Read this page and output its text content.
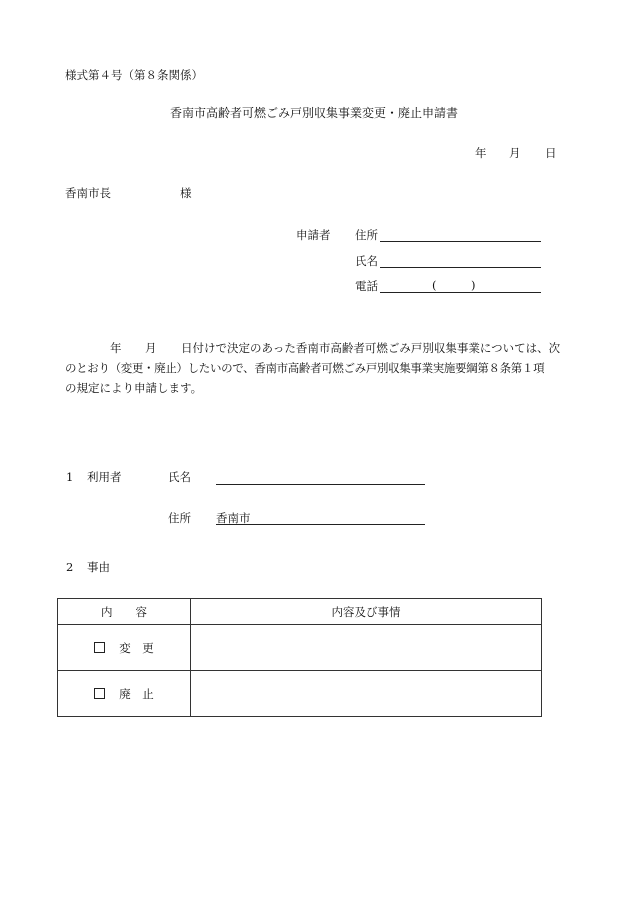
様式第４号（第８条関係）
香南市高齢者可燃ごみ戸別収集事業変更・廃止申請書
年 月 日
香南市長	様
申請者 住所
氏名
電話	(	)
年 月 日付けで決定のあった香南市高齢者可燃ごみ戸別収集事業については、次
のとおり（変更・廃止）したいので、香南市高齢者可燃ごみ戸別収集事業実施要綱第８条第１項
の規定により申請します。
1 利用者	氏名
住所 香南市
2 事由
内　　容	内容及び事情
変　更	
廃　止	
